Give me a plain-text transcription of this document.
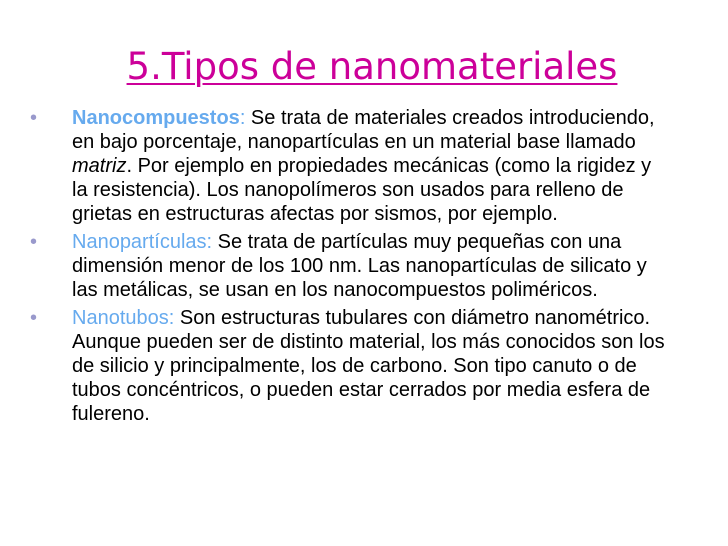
5.Tipos de nanomateriales
• Nanocompuestos: Se trata de materiales creados introduciendo, en bajo porcentaje, nanopartículas en un material base llamado matriz. Por ejemplo en propiedades mecánicas (como la rigidez y la resistencia). Los nanopolímeros son usados para relleno de grietas en estructuras afectas por sismos, por ejemplo.
• Nanopartículas: Se trata de partículas muy pequeñas con una dimensión menor de los 100 nm. Las nanopartículas de silicato y las metálicas, se usan en los nanocompuestos poliméricos.
• Nanotubos: Son estructuras tubulares con diámetro nanométrico. Aunque pueden ser de distinto material, los más conocidos son los de silicio y principalmente, los de carbono. Son tipo canuto o de tubos concéntricos, o pueden estar cerrados por media esfera de fulereno.
